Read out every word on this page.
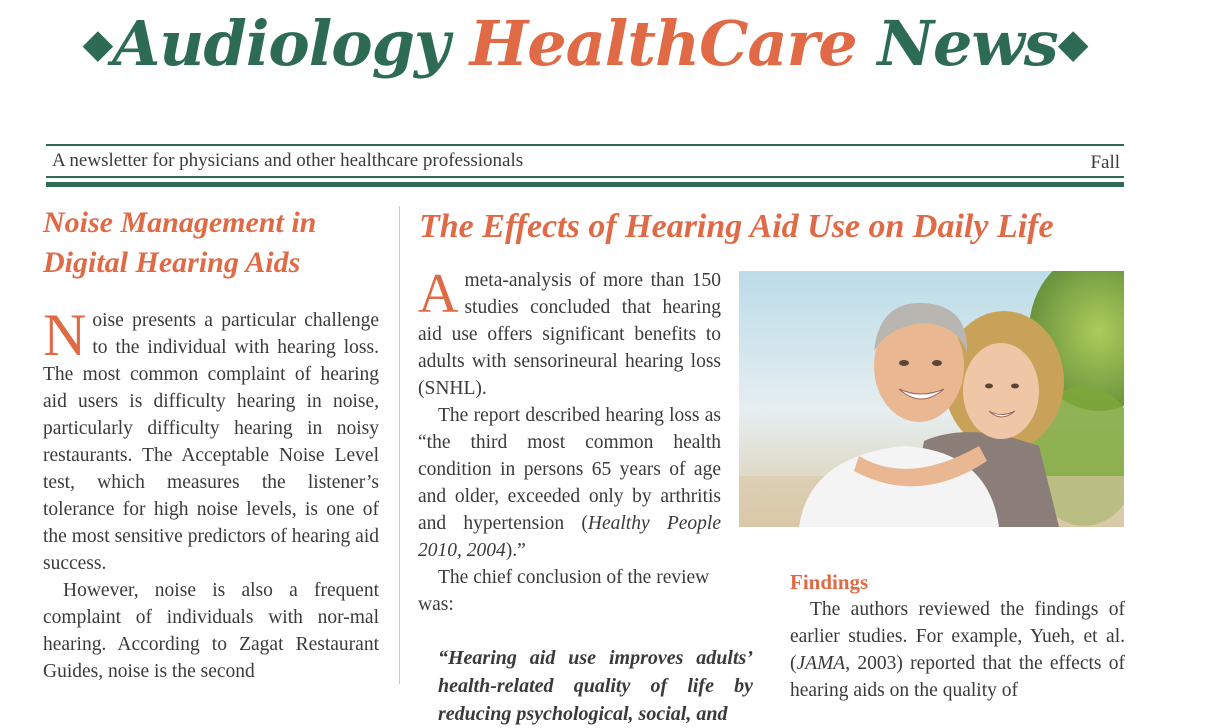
◆Audiology HealthCare News◆
A newsletter for physicians and other healthcare professionals	Fall
Noise Management in
Digital Hearing Aids

Noise presents a particular challenge to the individual with hearing loss. The most common complaint of hearing aid users is difficulty hearing in noise, particularly difficulty hearing in noisy restaurants. The Acceptable Noise Level test, which measures the listener’s tolerance for high noise levels, is one of the most sensitive predictors of hearing aid success.

However, noise is also a frequent complaint of individuals with nor-mal hearing. According to Zagat Restaurant Guides, noise is the second

The Effects of Hearing Aid Use on Daily Life

A meta-analysis of more than 150 studies concluded that hearing aid use offers significant benefits to adults with sensorineural hearing loss (SNHL).

The report described hearing loss as “the third most common health condition in persons 65 years of age and older, exceeded only by arthritis and hypertension (Healthy People 2010, 2004).”

The chief conclusion of the review was:

“Hearing aid use improves adults’ health-related quality of life by reducing psychological, social, and

Findings

The authors reviewed the findings of earlier studies. For example, Yueh, et al. (JAMA, 2003) reported that the effects of hearing aids on the quality of
